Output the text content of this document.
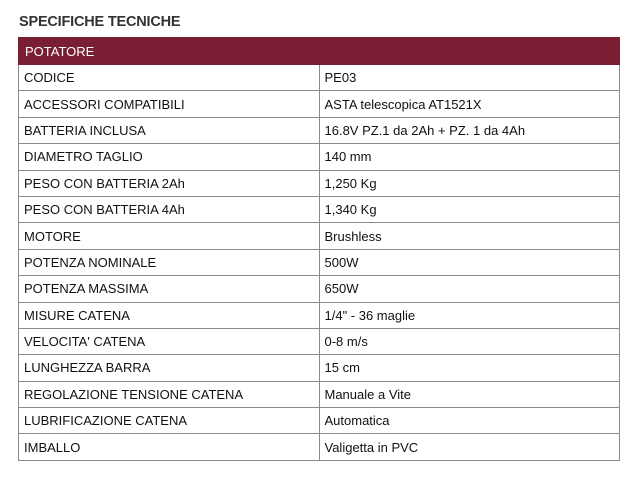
SPECIFICHE TECNICHE
POTATORE	
CODICE	PE03
ACCESSORI COMPATIBILI	ASTA telescopica AT1521X
BATTERIA INCLUSA	16.8V PZ.1 da 2Ah + PZ. 1 da 4Ah
DIAMETRO TAGLIO	140 mm
PESO CON BATTERIA 2Ah	1,250 Kg
PESO CON BATTERIA 4Ah	1,340 Kg
MOTORE	Brushless
POTENZA NOMINALE	500W
POTENZA MASSIMA	650W
MISURE CATENA	1/4" - 36 maglie
VELOCITA' CATENA	0-8 m/s
LUNGHEZZA BARRA	15 cm
REGOLAZIONE TENSIONE CATENA	Manuale a Vite
LUBRIFICAZIONE CATENA	Automatica
IMBALLO	Valigetta in PVC
